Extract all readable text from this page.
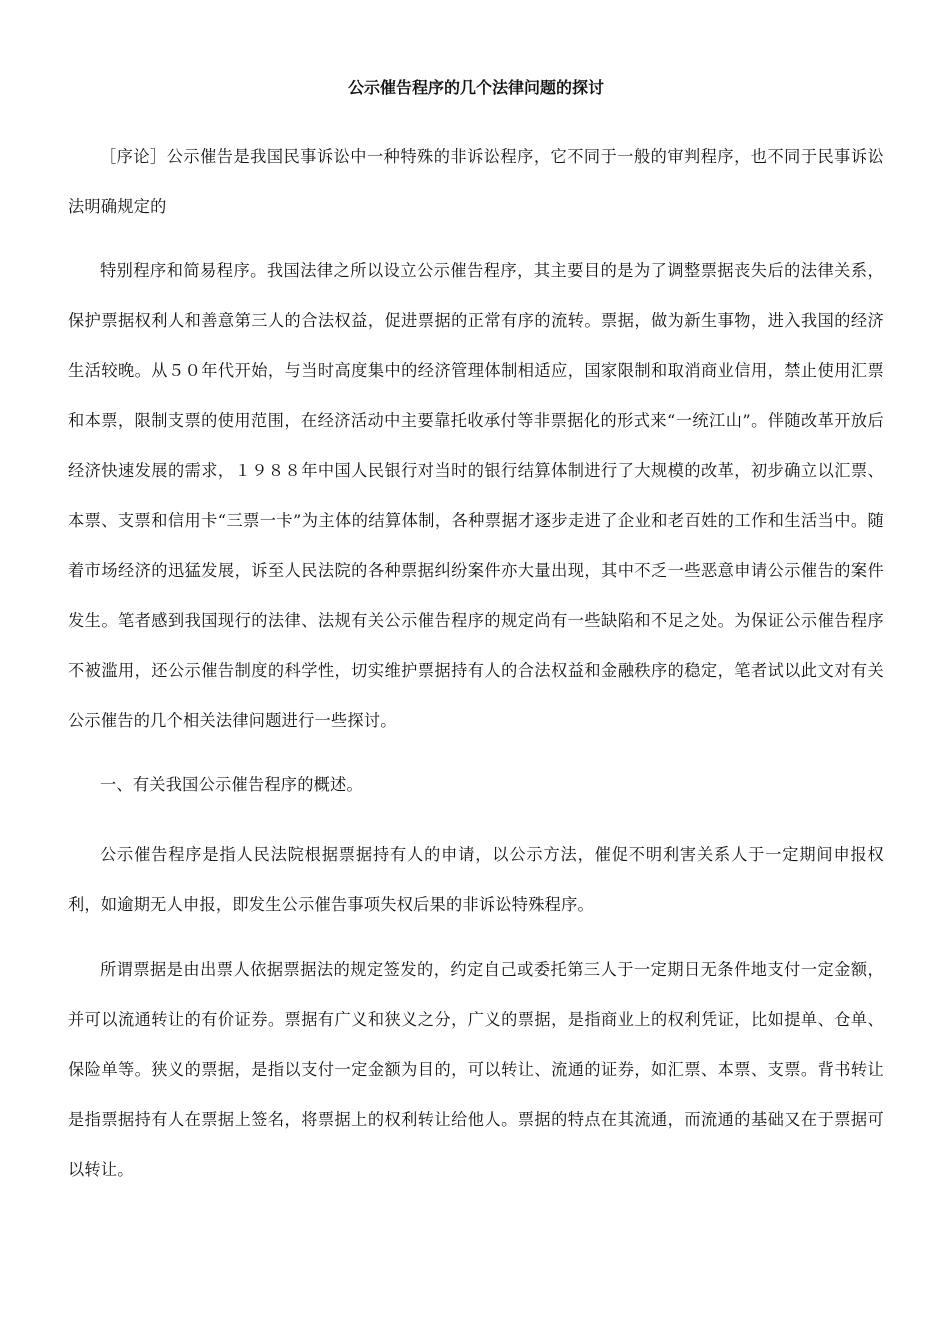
公示催告程序的几个法律问题的探讨

［序论］公示催告是我国民事诉讼中一种特殊的非诉讼程序，它不同于一般的审判程序，也不同于民事诉讼法明确规定的

特别程序和简易程序。我国法律之所以设立公示催告程序，其主要目的是为了调整票据丧失后的法律关系，保护票据权利人和善意第三人的合法权益，促进票据的正常有序的流转。票据，做为新生事物，进入我国的经济生活较晚。从５０年代开始，与当时高度集中的经济管理体制相适应，国家限制和取消商业信用，禁止使用汇票和本票，限制支票的使用范围，在经济活动中主要靠托收承付等非票据化的形式来“一统江山”。伴随改革开放后经济快速发展的需求，１９８８年中国人民银行对当时的银行结算体制进行了大规模的改革，初步确立以汇票、本票、支票和信用卡“三票一卡”为主体的结算体制，各种票据才逐步走进了企业和老百姓的工作和生活当中。随着市场经济的迅猛发展，诉至人民法院的各种票据纠纷案件亦大量出现，其中不乏一些恶意申请公示催告的案件发生。笔者感到我国现行的法律、法规有关公示催告程序的规定尚有一些缺陷和不足之处。为保证公示催告程序不被滥用，还公示催告制度的科学性，切实维护票据持有人的合法权益和金融秩序的稳定，笔者试以此文对有关公示催告的几个相关法律问题进行一些探讨。

一、有关我国公示催告程序的概述。

公示催告程序是指人民法院根据票据持有人的申请，以公示方法，催促不明利害关系人于一定期间申报权利，如逾期无人申报，即发生公示催告事项失权后果的非诉讼特殊程序。

所谓票据是由出票人依据票据法的规定签发的，约定自己或委托第三人于一定期日无条件地支付一定金额，并可以流通转让的有价证券。票据有广义和狭义之分，广义的票据，是指商业上的权利凭证，比如提单、仓单、保险单等。狭义的票据，是指以支付一定金额为目的，可以转让、流通的证券，如汇票、本票、支票。背书转让是指票据持有人在票据上签名，将票据上的权利转让给他人。票据的特点在其流通，而流通的基础又在于票据可以转让。
